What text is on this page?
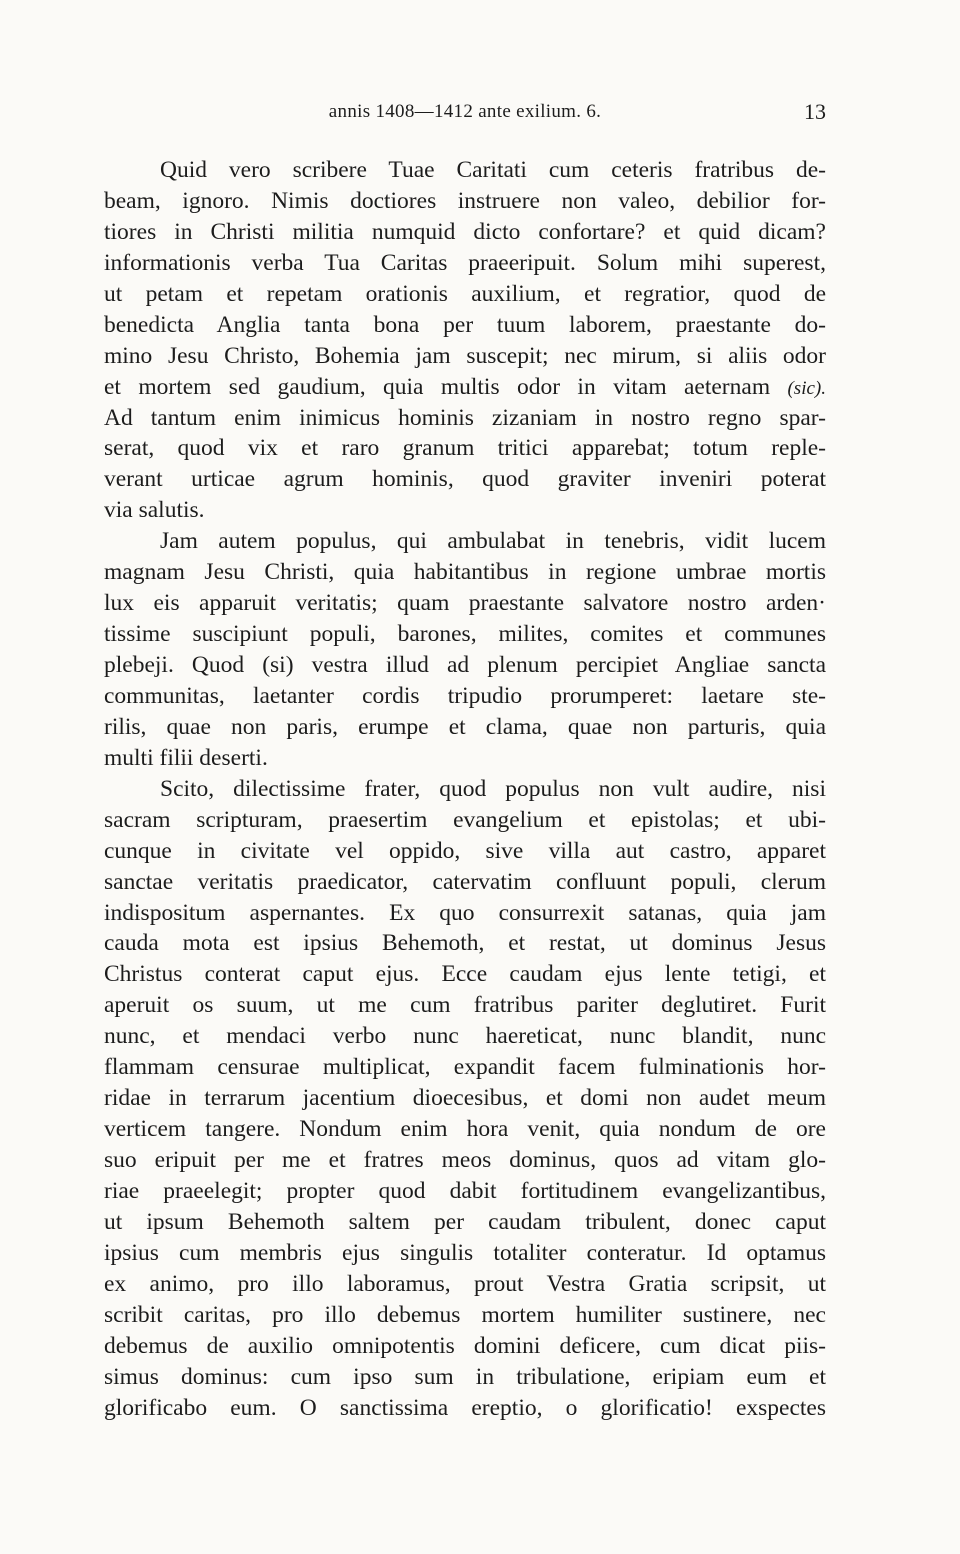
annis 1408—1412 ante exilium. 6.	13
Quid vero scribere Tuae Caritati cum ceteris fratribus de-
beam, ignoro. Nimis doctiores instruere non valeo, debilior for-
tiores in Christi militia numquid dicto confortare? et quid dicam?
informationis verba Tua Caritas praeeripuit. Solum mihi superest,
ut petam et repetam orationis auxilium, et regratior, quod de
benedicta Anglia tanta bona per tuum laborem, praestante do-
mino Jesu Christo, Bohemia jam suscepit; nec mirum, si aliis odor
et mortem sed gaudium, quia multis odor in vitam aeternam (sic).
Ad tantum enim inimicus hominis zizaniam in nostro regno spar-
serat, quod vix et raro granum tritici apparebat; totum reple-
verant urticae agrum hominis, quod graviter inveniri poterat
via salutis.
Jam autem populus, qui ambulabat in tenebris, vidit lucem
magnam Jesu Christi, quia habitantibus in regione umbrae mortis
lux eis apparuit veritatis; quam praestante salvatore nostro arden·
tissime suscipiunt populi, barones, milites, comites et communes
plebeji. Quod (si) vestra illud ad plenum percipiet Angliae sancta
communitas, laetanter cordis tripudio prorumperet: laetare ste-
rilis, quae non paris, erumpe et clama, quae non parturis, quia
multi filii deserti.
Scito, dilectissime frater, quod populus non vult audire, nisi
sacram scripturam, praesertim evangelium et epistolas; et ubi-
cunque in civitate vel oppido, sive villa aut castro, apparet
sanctae veritatis praedicator, catervatim confluunt populi, clerum
indispositum aspernantes. Ex quo consurrexit satanas, quia jam
cauda mota est ipsius Behemoth, et restat, ut dominus Jesus
Christus conterat caput ejus. Ecce caudam ejus lente tetigi, et
aperuit os suum, ut me cum fratribus pariter deglutiret. Furit
nunc, et mendaci verbo nunc haereticat, nunc blandit, nunc
flammam censurae multiplicat, expandit facem fulminationis hor-
ridae in terrarum jacentium dioecesibus, et domi non audet meum
verticem tangere. Nondum enim hora venit, quia nondum de ore
suo eripuit per me et fratres meos dominus, quos ad vitam glo-
riae praeelegit; propter quod dabit fortitudinem evangelizantibus,
ut ipsum Behemoth saltem per caudam tribulent, donec caput
ipsius cum membris ejus singulis totaliter conteratur. Id optamus
ex animo, pro illo laboramus, prout Vestra Gratia scripsit, ut
scribit caritas, pro illo debemus mortem humiliter sustinere, nec
debemus de auxilio omnipotentis domini deficere, cum dicat piis-
simus dominus: cum ipso sum in tribulatione, eripiam eum et
glorificabo eum. O sanctissima ereptio, o glorificatio! exspectes
